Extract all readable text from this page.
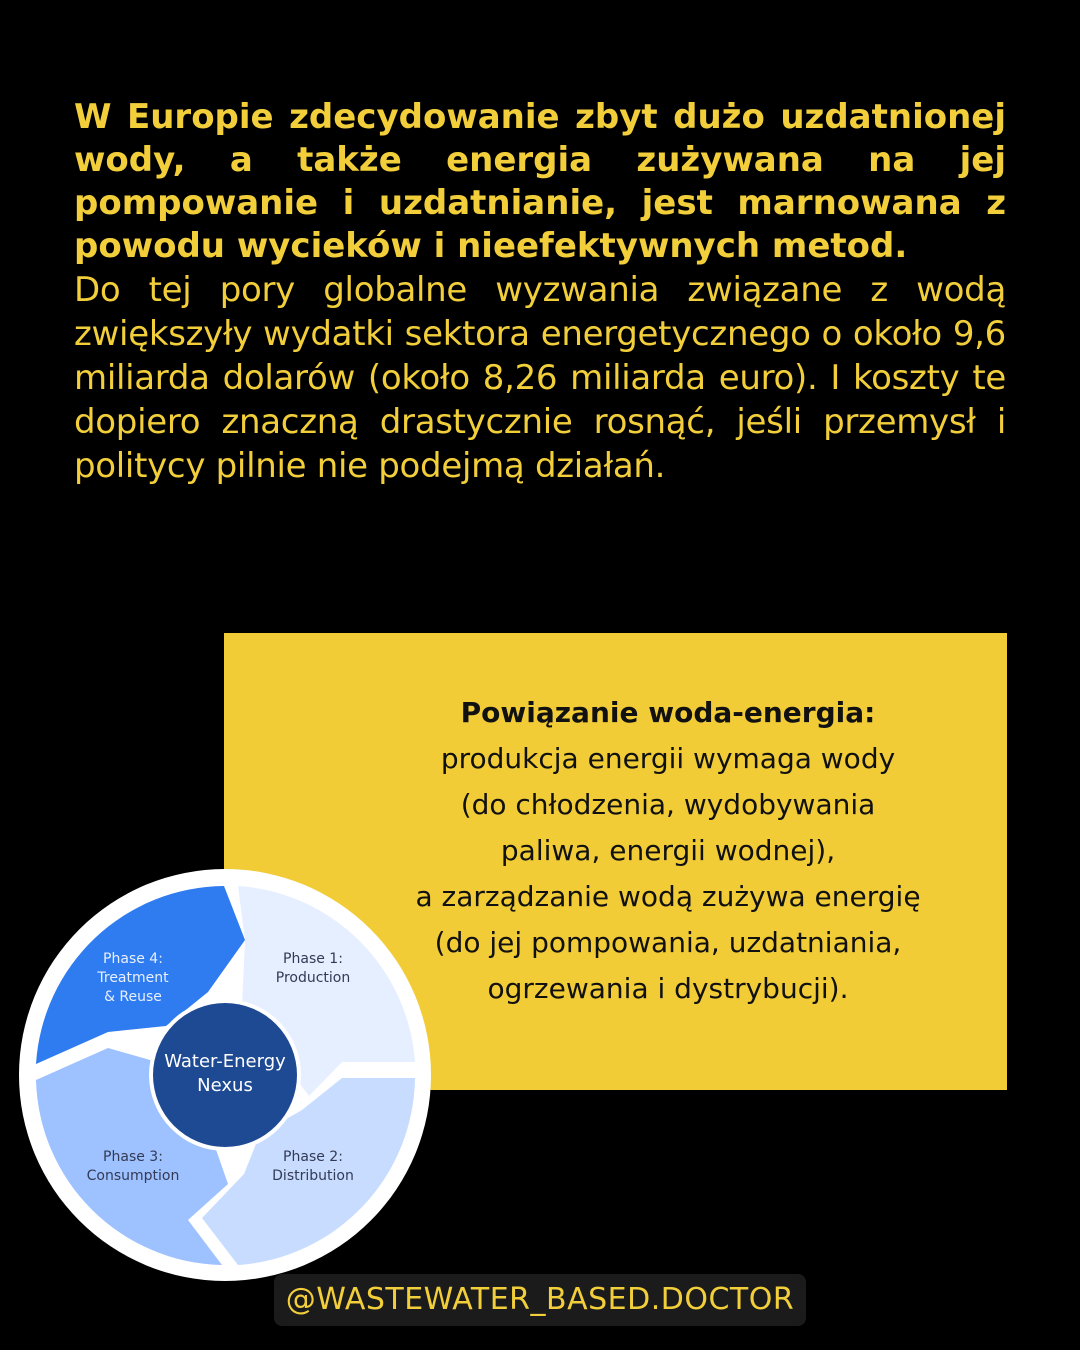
W Europie zdecydowanie zbyt dużo uzdatnionej wody, a także energia zużywana na jej pompowanie i uzdatnianie, jest marnowana z powodu wycieków i nieefektywnych metod.

Do tej pory globalne wyzwania związane z wodą zwiększyły wydatki sektora energetycznego o około 9,6 miliarda dolarów (około 8,26 miliarda euro). I koszty te dopiero znaczną drastycznie rosnąć, jeśli przemysł i politycy pilnie nie podejmą działań.

Powiązanie woda-energia:
produkcja energii wymaga wody
(do chłodzenia, wydobywania
paliwa, energii wodnej),
a zarządzanie wodą zużywa energię
(do jej pompowania, uzdatniania,
ogrzewania i dystrybucji).
Water-Energy
Nexus
Phase 1:
Production
Phase 2:
Distribution
Phase 3:
Consumption
Phase 4:
Treatment
& Reuse
@WASTEWATER_BASED.DOCTOR
